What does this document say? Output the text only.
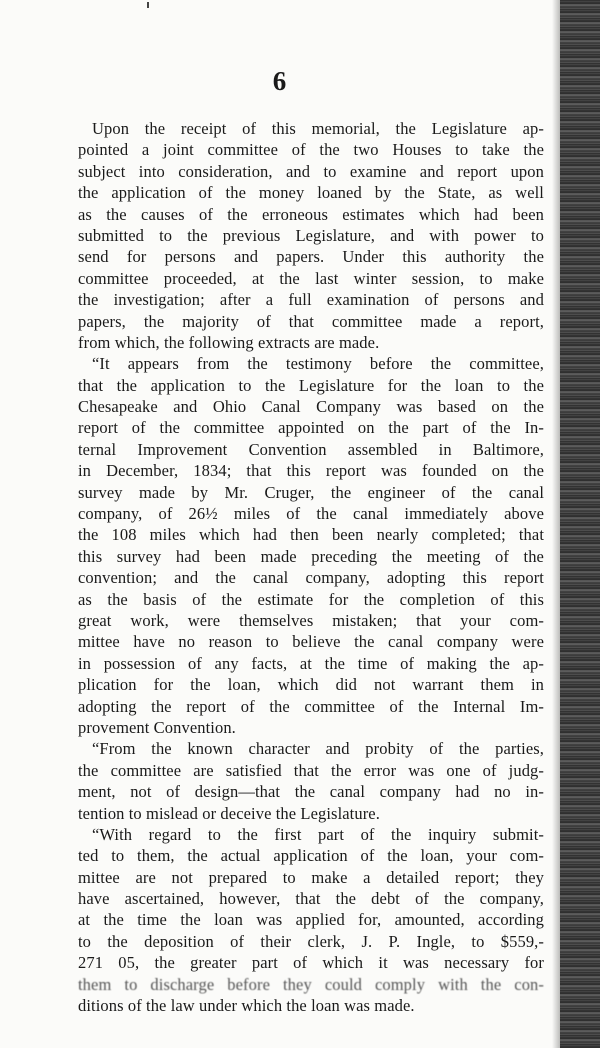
6
Upon the receipt of this memorial, the Legislature ap-
pointed a joint committee of the two Houses to take the
subject into consideration, and to examine and report upon
the application of the money loaned by the State, as well
as the causes of the erroneous estimates which had been
submitted to the previous Legislature, and with power to
send for persons and papers. Under this authority the
committee proceeded, at the last winter session, to make
the investigation; after a full examination of persons and
papers, the majority of that committee made a report,
from which, the following extracts are made.
“It appears from the testimony before the committee,
that the application to the Legislature for the loan to the
Chesapeake and Ohio Canal Company was based on the
report of the committee appointed on the part of the In-
ternal Improvement Convention assembled in Baltimore,
in December, 1834; that this report was founded on the
survey made by Mr. Cruger, the engineer of the canal
company, of 26½ miles of the canal immediately above
the 108 miles which had then been nearly completed; that
this survey had been made preceding the meeting of the
convention; and the canal company, adopting this report
as the basis of the estimate for the completion of this
great work, were themselves mistaken; that your com-
mittee have no reason to believe the canal company were
in possession of any facts, at the time of making the ap-
plication for the loan, which did not warrant them in
adopting the report of the committee of the Internal Im-
provement Convention.
“From the known character and probity of the parties,
the committee are satisfied that the error was one of judg-
ment, not of design—that the canal company had no in-
tention to mislead or deceive the Legislature.
“With regard to the first part of the inquiry submit-
ted to them, the actual application of the loan, your com-
mittee are not prepared to make a detailed report; they
have ascertained, however, that the debt of the company,
at the time the loan was applied for, amounted, according
to the deposition of their clerk, J. P. Ingle, to $559,-
271 05, the greater part of which it was necessary for
them to discharge before they could comply with the con-
ditions of the law under which the loan was made.
